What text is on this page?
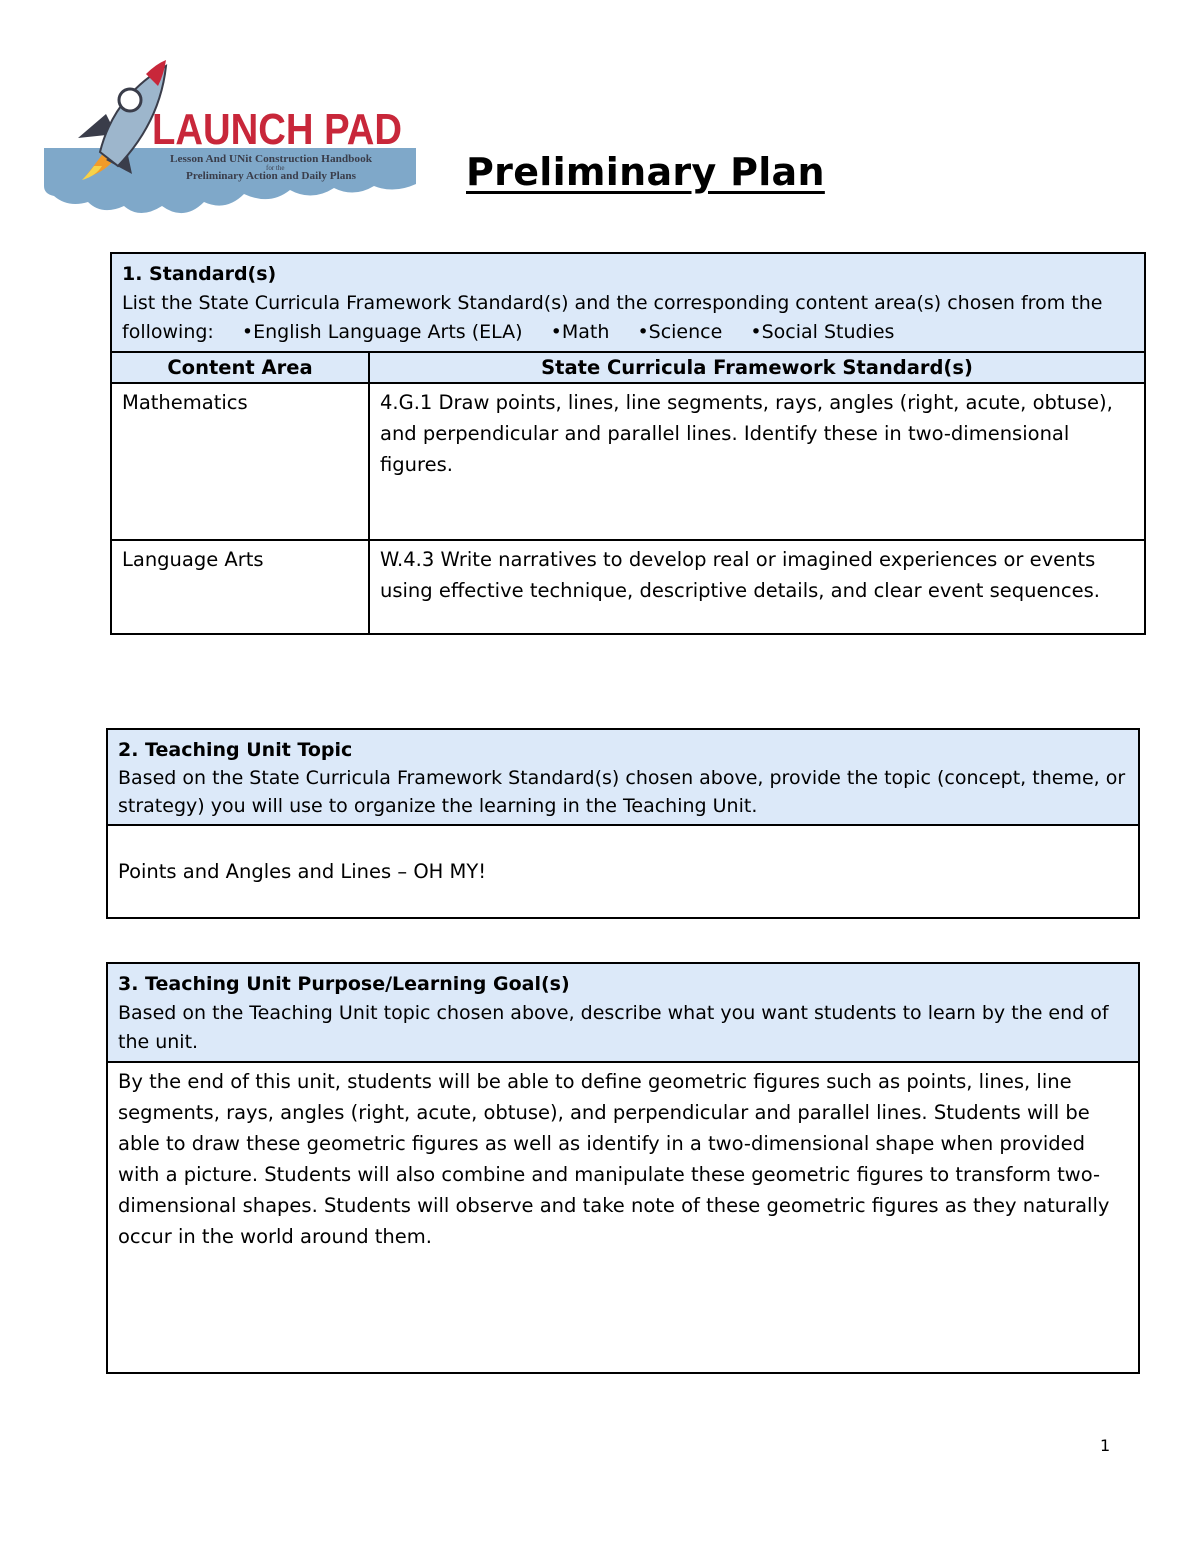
LAUNCH PAD
Lesson And UNit Construction Handbook
for the
Preliminary Action and Daily Plans	Preliminary Plan
1. Standard(s)
List the State Curricula Framework Standard(s) and the corresponding content area(s) chosen from the
following: •English Language Arts (ELA) •Math •Science •Social Studies	
Content Area	State Curricula Framework Standard(s)
Mathematics	4.G.1 Draw points, lines, line segments, rays, angles (right, acute, obtuse), and perpendicular and parallel lines. Identify these in two-dimensional figures.
Language Arts	W.4.3 Write narratives to develop real or imagined experiences or events using effective technique, descriptive details, and clear event sequences.
2. Teaching Unit Topic
Based on the State Curricula Framework Standard(s) chosen above, provide the topic (concept, theme, or strategy) you will use to organize the learning in the Teaching Unit.
Points and Angles and Lines – OH MY!
3. Teaching Unit Purpose/Learning Goal(s)
Based on the Teaching Unit topic chosen above, describe what you want students to learn by the end of the unit.
By the end of this unit, students will be able to define geometric figures such as points, lines, line segments, rays, angles (right, acute, obtuse), and perpendicular and parallel lines. Students will be able to draw these geometric figures as well as identify in a two-dimensional shape when provided with a picture. Students will also combine and manipulate these geometric figures to transform two-dimensional shapes. Students will observe and take note of these geometric figures as they naturally occur in the world around them.
1
